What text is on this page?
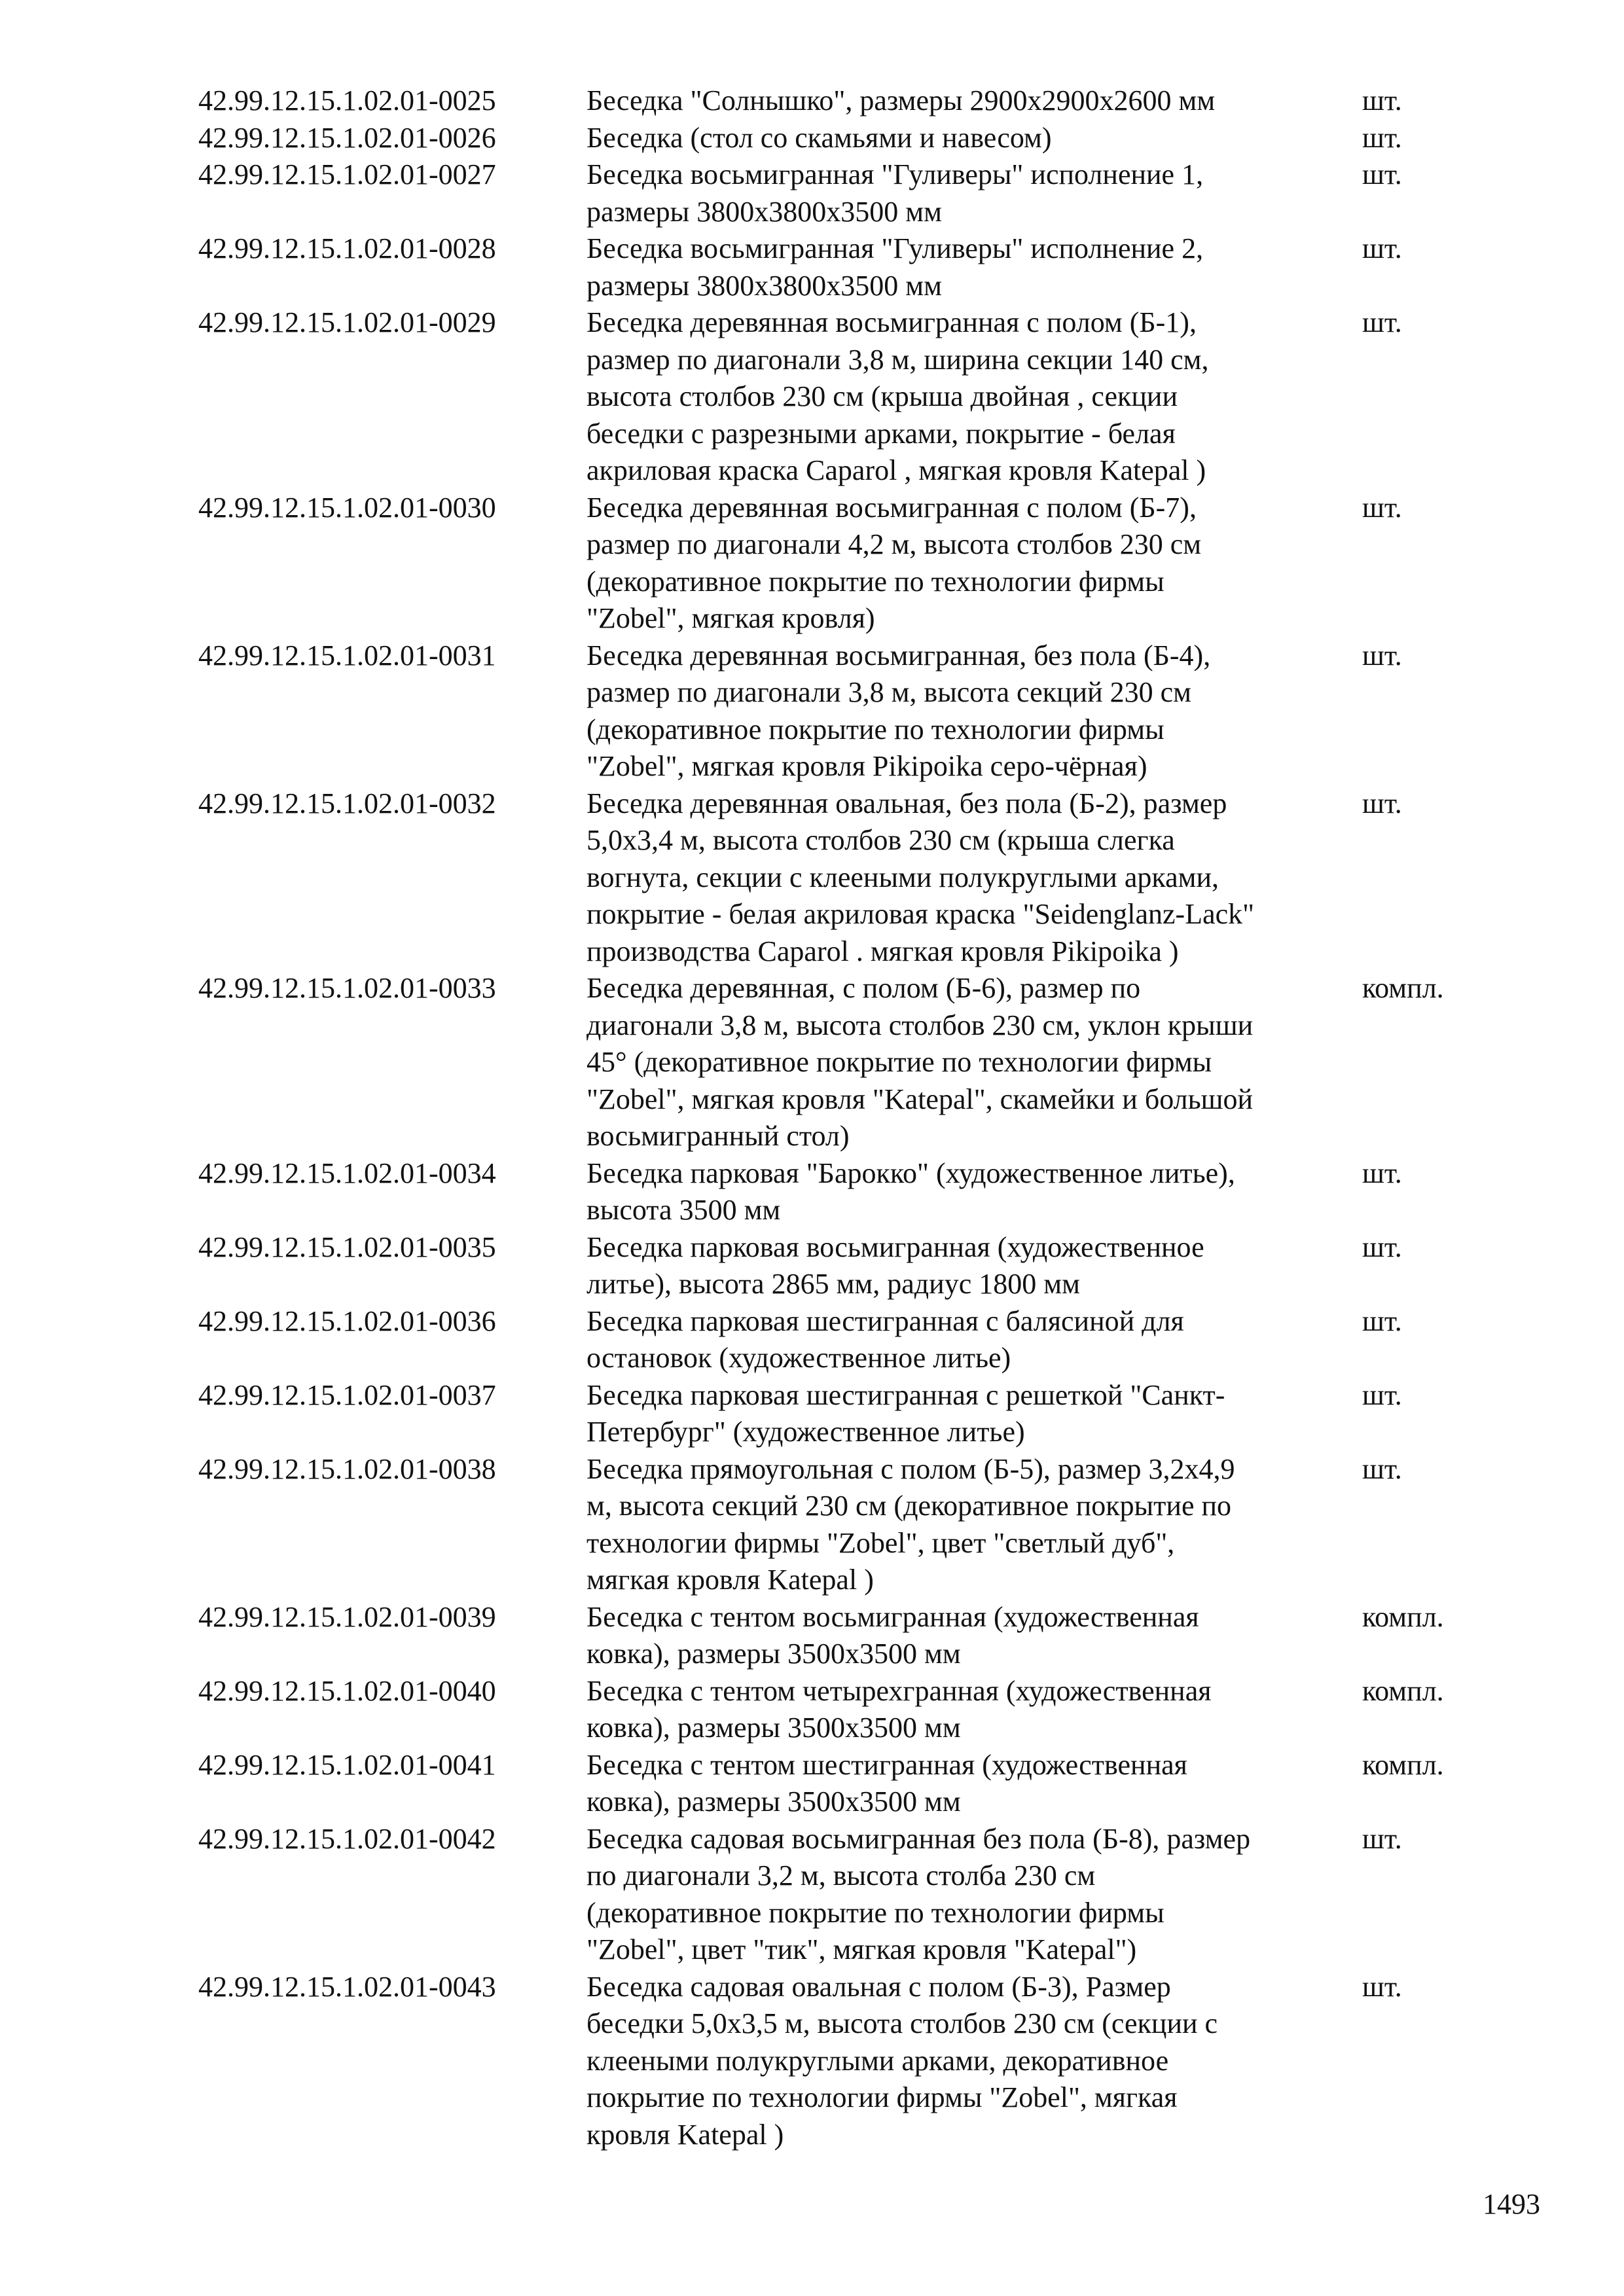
42.99.12.15.1.02.01-0025	Беседка "Солнышко", размеры 2900x2900x2600 мм	шт.
42.99.12.15.1.02.01-0026	Беседка (стол со скамьями и навесом)	шт.
42.99.12.15.1.02.01-0027	Беседка восьмигранная "Гуливеры" исполнение 1,
размеры 3800x3800x3500 мм
шт.
42.99.12.15.1.02.01-0028	Беседка восьмигранная "Гуливеры" исполнение 2,
размеры 3800x3800x3500 мм
шт.
42.99.12.15.1.02.01-0029	Беседка деревянная восьмигранная с полом (Б-1),
размер по диагонали 3,8 м, ширина секции 140 см,
высота столбов 230 см (крыша двойная , секции
беседки с разрезными арками, покрытие - белая
акриловая краска Caparol , мягкая кровля Katepal )
шт.
42.99.12.15.1.02.01-0030	Беседка деревянная восьмигранная с полом (Б-7),
размер по диагонали 4,2 м, высота столбов 230 см
(декоративное покрытие по технологии фирмы
"Zobel", мягкая кровля)
шт.
42.99.12.15.1.02.01-0031	Беседка деревянная восьмигранная, без пола (Б-4),
размер по диагонали 3,8 м, высота секций 230 см
(декоративное покрытие по технологии фирмы
"Zobel", мягкая кровля Pikipoika серо-чёрная)
шт.
42.99.12.15.1.02.01-0032	Беседка деревянная овальная, без пола (Б-2), размер
5,0x3,4 м, высота столбов 230 см (крыша слегка
вогнута, секции с клееными полукруглыми арками,
покрытие - белая акриловая краска "Seidenglanz-Lack"
производства Caparol . мягкая кровля Pikipoika )
шт.
42.99.12.15.1.02.01-0033	Беседка деревянная, с полом (Б-6), размер по
диагонали 3,8 м, высота столбов 230 см, уклон крыши
45° (декоративное покрытие по технологии фирмы
"Zobel", мягкая кровля "Katepal", скамейки и большой
восьмигранный стол)
компл.
42.99.12.15.1.02.01-0034	Беседка парковая "Барокко" (художественное литье),
высота 3500 мм
шт.
42.99.12.15.1.02.01-0035	Беседка парковая восьмигранная (художественное
литье), высота 2865 мм, радиус 1800 мм
шт.
42.99.12.15.1.02.01-0036	Беседка парковая шестигранная с балясиной для
остановок (художественное литье)
шт.
42.99.12.15.1.02.01-0037	Беседка парковая шестигранная с решеткой "Санкт-
Петербург" (художественное литье)
шт.
42.99.12.15.1.02.01-0038	Беседка прямоугольная с полом (Б-5), размер 3,2x4,9
м, высота секций 230 см (декоративное покрытие по
технологии фирмы "Zobel", цвет "светлый дуб",
мягкая кровля Katepal )
шт.
42.99.12.15.1.02.01-0039	Беседка с тентом восьмигранная (художественная
ковка), размеры 3500x3500 мм
компл.
42.99.12.15.1.02.01-0040	Беседка с тентом четырехгранная (художественная
ковка), размеры 3500x3500 мм
компл.
42.99.12.15.1.02.01-0041	Беседка с тентом шестигранная (художественная
ковка), размеры 3500x3500 мм
компл.
42.99.12.15.1.02.01-0042	Беседка садовая восьмигранная без пола (Б-8), размер
по диагонали 3,2 м, высота столба 230 см
(декоративное покрытие по технологии фирмы
"Zobel", цвет "тик", мягкая кровля "Katepal")
шт.
42.99.12.15.1.02.01-0043	Беседка садовая овальная с полом (Б-3), Размер
беседки 5,0x3,5 м, высота столбов 230 см (секции с
клееными полукруглыми арками, декоративное
покрытие по технологии фирмы "Zobel", мягкая
кровля Katepal )
шт.
1493
